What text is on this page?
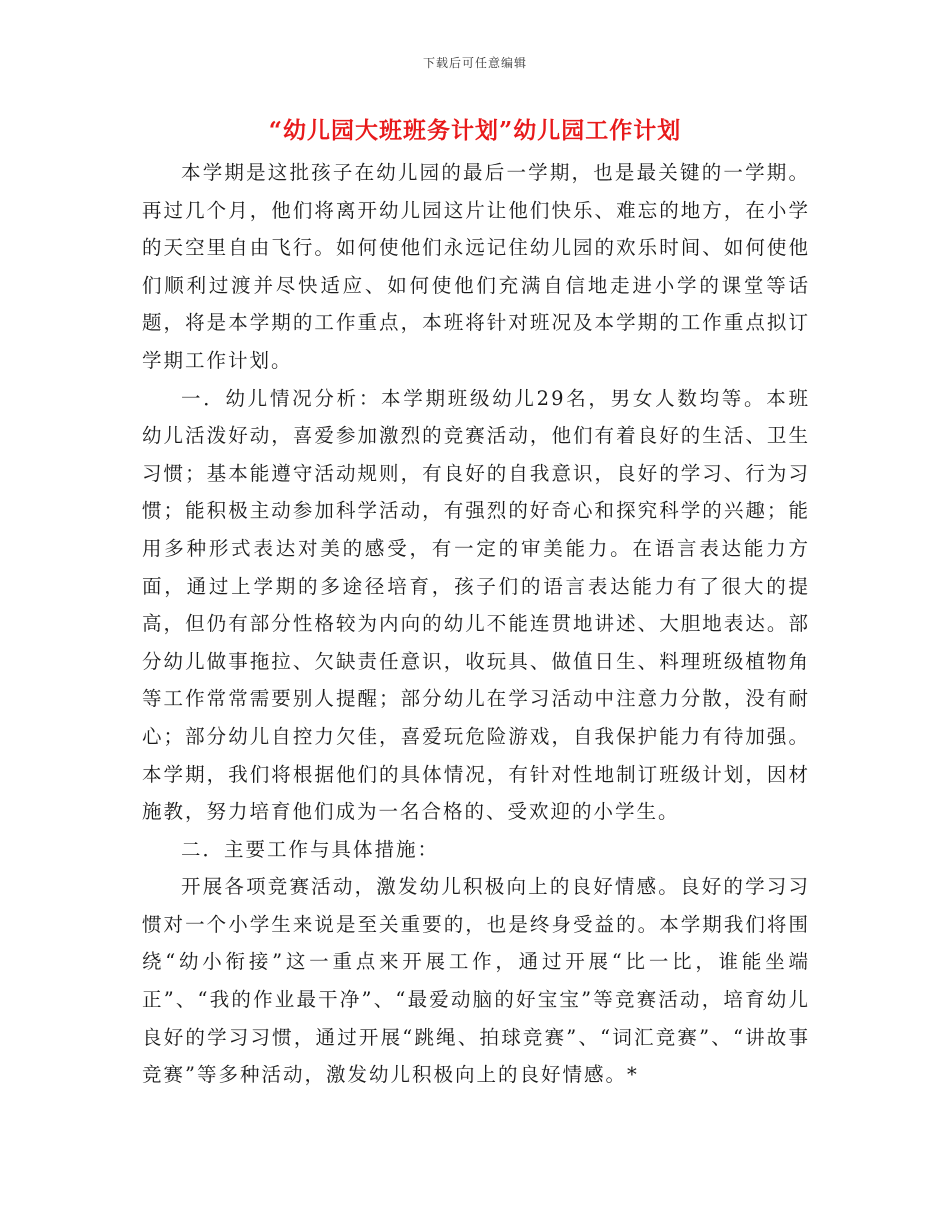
下载后可任意编辑
“幼儿园大班班务计划”幼儿园工作计划

本学期是这批孩子在幼儿园的最后一学期，也是最关键的一学期。再过几个月，他们将离开幼儿园这片让他们快乐、难忘的地方，在小学的天空里自由飞行。如何使他们永远记住幼儿园的欢乐时间、如何使他们顺利过渡并尽快适应、如何使他们充满自信地走进小学的课堂等话题，将是本学期的工作重点，本班将针对班况及本学期的工作重点拟订学期工作计划。

一．幼儿情况分析：本学期班级幼儿29名，男女人数均等。本班幼儿活泼好动，喜爱参加激烈的竞赛活动，他们有着良好的生活、卫生习惯；基本能遵守活动规则，有良好的自我意识，良好的学习、行为习惯；能积极主动参加科学活动，有强烈的好奇心和探究科学的兴趣；能用多种形式表达对美的感受，有一定的审美能力。在语言表达能力方面，通过上学期的多途径培育，孩子们的语言表达能力有了很大的提高，但仍有部分性格较为内向的幼儿不能连贯地讲述、大胆地表达。部分幼儿做事拖拉、欠缺责任意识，收玩具、做值日生、料理班级植物角等工作常常需要别人提醒；部分幼儿在学习活动中注意力分散，没有耐心；部分幼儿自控力欠佳，喜爱玩危险游戏，自我保护能力有待加强。本学期，我们将根据他们的具体情况，有针对性地制订班级计划，因材施教，努力培育他们成为一名合格的、受欢迎的小学生。

二．主要工作与具体措施：

开展各项竞赛活动，激发幼儿积极向上的良好情感。良好的学习习惯对一个小学生来说是至关重要的，也是终身受益的。本学期我们将围绕“幼小衔接”这一重点来开展工作，通过开展“比一比，谁能坐端正”、“我的作业最干净”、“最爱动脑的好宝宝”等竞赛活动，培育幼儿良好的学习习惯，通过开展“跳绳、拍球竞赛”、“词汇竞赛”、“讲故事竞赛”等多种活动，激发幼儿积极向上的良好情感。*
